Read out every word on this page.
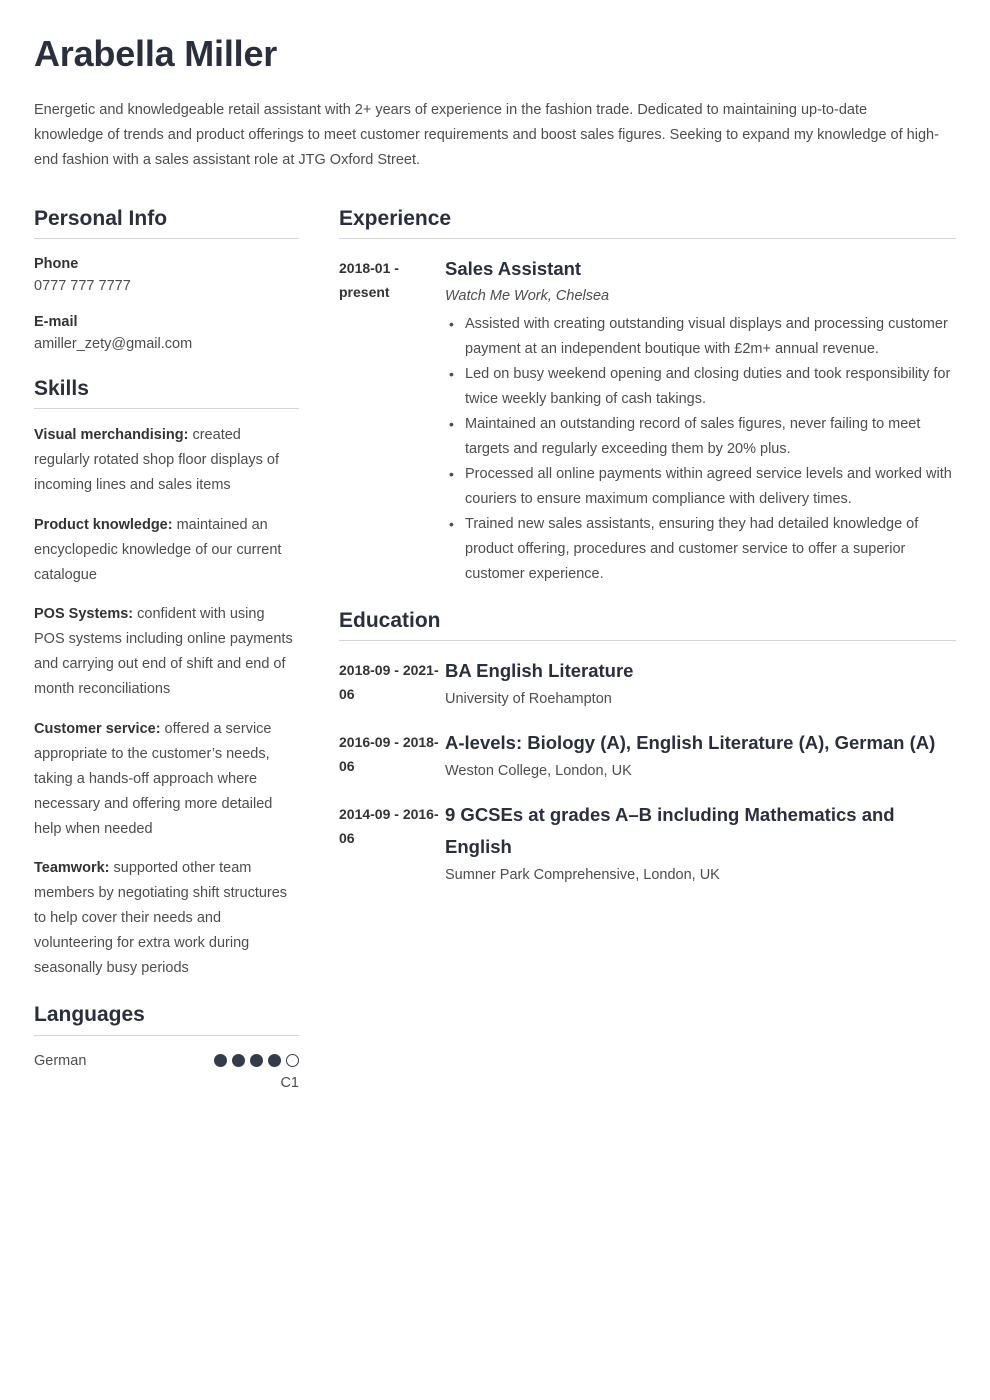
Arabella Miller

Energetic and knowledgeable retail assistant with 2+ years of experience in the fashion trade. Dedicated to maintaining up-to-date knowledge of trends and product offerings to meet customer requirements and boost sales figures. Seeking to expand my knowledge of high-end fashion with a sales assistant role at JTG Oxford Street.

Personal Info
Phone
0777 777 7777
E-mail
amiller_zety@gmail.com
Skills

Visual merchandising: created regularly rotated shop floor displays of incoming lines and sales items

Product knowledge: maintained an encyclopedic knowledge of our current catalogue

POS Systems: confident with using POS systems including online payments and carrying out end of shift and end of month reconciliations

Customer service: offered a service appropriate to the customer’s needs, taking a hands-off approach where necessary and offering more detailed help when needed

Teamwork: supported other team members by negotiating shift structures to help cover their needs and volunteering for extra work during seasonally busy periods

Languages
German
C1
Experience
2018-01 - present
Sales Assistant
Watch Me Work, Chelsea
• Assisted with creating outstanding visual displays and processing customer payment at an independent boutique with £2m+ annual revenue.
• Led on busy weekend opening and closing duties and took responsibility for twice weekly banking of cash takings.
• Maintained an outstanding record of sales figures, never failing to meet targets and regularly exceeding them by 20% plus.
• Processed all online payments within agreed service levels and worked with couriers to ensure maximum compliance with delivery times.
• Trained new sales assistants, ensuring they had detailed knowledge of product offering, procedures and customer service to offer a superior customer experience.
Education
2018-09 - 2021-06
BA English Literature
University of Roehampton
2016-09 - 2018-06
A-levels: Biology (A), English Literature (A), German (A)
Weston College, London, UK
2014-09 - 2016-06
9 GCSEs at grades A–B including Mathematics and English
Sumner Park Comprehensive, London, UK
